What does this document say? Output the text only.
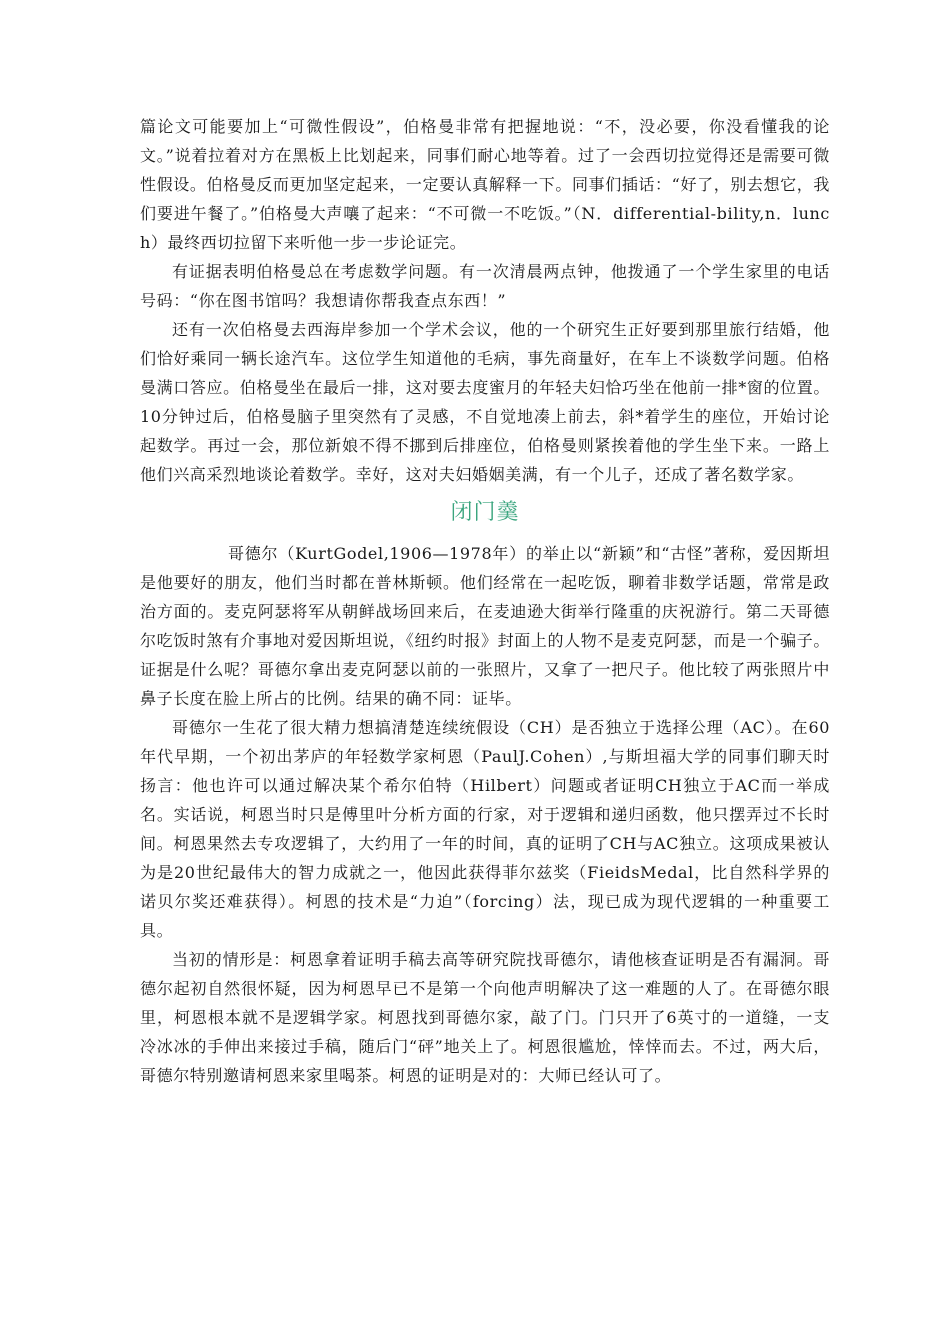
篇论文可能要加上“可微性假设”，伯格曼非常有把握地说：“不，没必要，你没看懂我的论文。”说着拉着对方在黑板上比划起来，同事们耐心地等着。过了一会西切拉觉得还是需要可微性假设。伯格曼反而更加坚定起来，一定要认真解释一下。同事们插话：“好了，别去想它，我们要进午餐了。”伯格曼大声嚷了起来：“不可微一不吃饭。”（N．differential-bility,n．lunch）最终西切拉留下来听他一步一步论证完。

有证据表明伯格曼总在考虑数学问题。有一次清晨两点钟，他拨通了一个学生家里的电话号码：“你在图书馆吗？我想请你帮我查点东西！”

还有一次伯格曼去西海岸参加一个学术会议，他的一个研究生正好要到那里旅行结婚，他们恰好乘同一辆长途汽车。这位学生知道他的毛病，事先商量好，在车上不谈数学问题。伯格曼满口答应。伯格曼坐在最后一排，这对要去度蜜月的年轻夫妇恰巧坐在他前一排*窗的位置。10分钟过后，伯格曼脑子里突然有了灵感，不自觉地凑上前去，斜*着学生的座位，开始讨论起数学。再过一会，那位新娘不得不挪到后排座位，伯格曼则紧挨着他的学生坐下来。一路上他们兴高采烈地谈论着数学。幸好，这对夫妇婚姻美满，有一个儿子，还成了著名数学家。

闭门羹

哥德尔（KurtGodel,1906—1978年）的举止以“新颖”和“古怪”著称，爱因斯坦是他要好的朋友，他们当时都在普林斯顿。他们经常在一起吃饭，聊着非数学话题，常常是政治方面的。麦克阿瑟将军从朝鲜战场回来后，在麦迪逊大街举行隆重的庆祝游行。第二天哥德尔吃饭时煞有介事地对爱因斯坦说，《纽约时报》封面上的人物不是麦克阿瑟，而是一个骗子。证据是什么呢？哥德尔拿出麦克阿瑟以前的一张照片，又拿了一把尺子。他比较了两张照片中鼻子长度在脸上所占的比例。结果的确不同：证毕。

哥德尔一生花了很大精力想搞清楚连续统假设（CH）是否独立于选择公理（AC）。在60年代早期，一个初出茅庐的年轻数学家柯恩（PaulJ.Cohen）,与斯坦福大学的同事们聊天时扬言：他也许可以通过解决某个希尔伯特（Hilbert）问题或者证明CH独立于AC而一举成名。实话说，柯恩当时只是傅里叶分析方面的行家，对于逻辑和递归函数，他只摆弄过不长时间。柯恩果然去专攻逻辑了，大约用了一年的时间，真的证明了CH与AC独立。这项成果被认为是20世纪最伟大的智力成就之一，他因此获得菲尔兹奖（FieidsMedal，比自然科学界的诺贝尔奖还难获得）。柯恩的技术是“力迫”（forcing）法，现已成为现代逻辑的一种重要工具。

当初的情形是：柯恩拿着证明手稿去高等研究院找哥德尔，请他核查证明是否有漏洞。哥德尔起初自然很怀疑，因为柯恩早已不是第一个向他声明解决了这一难题的人了。在哥德尔眼里，柯恩根本就不是逻辑学家。柯恩找到哥德尔家，敲了门。门只开了6英寸的一道缝，一支冷冰冰的手伸出来接过手稿，随后门“砰”地关上了。柯恩很尴尬，悻悻而去。不过，两大后，哥德尔特别邀请柯恩来家里喝茶。柯恩的证明是对的：大师已经认可了。
